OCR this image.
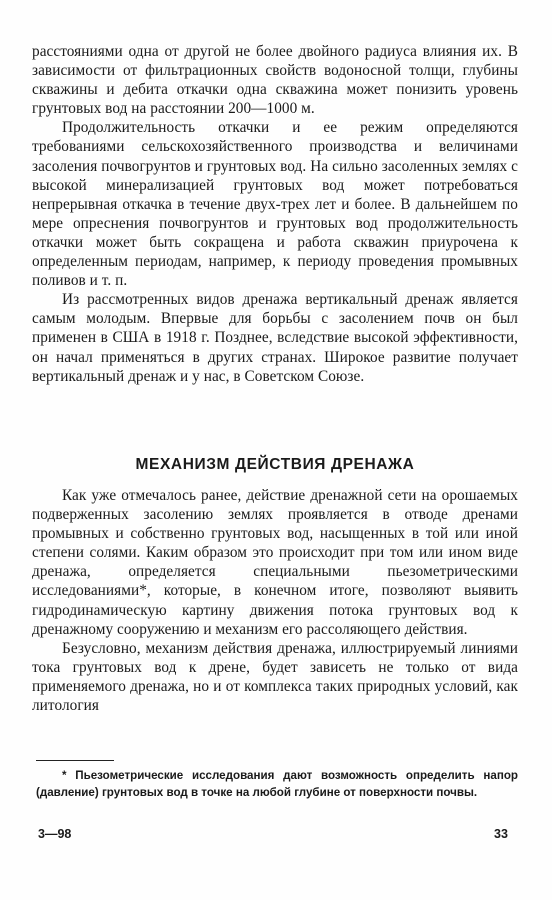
расстояниями одна от другой не более двойного радиуса влияния их. В зависимости от фильтрационных свойств водоносной толщи, глубины скважины и дебита откачки одна скважина может понизить уровень грунтовых вод на расстоянии 200—1000 м.

Продолжительность откачки и ее режим определяются требованиями сельскохозяйственного производства и величинами засоления почвогрунтов и грунтовых вод. На сильно засоленных землях с высокой минерализацией грунтовых вод может потребоваться непрерывная откачка в течение двух-трех лет и более. В дальнейшем по мере опреснения почвогрунтов и грунтовых вод продолжительность откачки может быть сокращена и работа скважин приурочена к определенным периодам, например, к периоду проведения промывных поливов и т. п.

Из рассмотренных видов дренажа вертикальный дренаж является самым молодым. Впервые для борьбы с засолением почв он был применен в США в 1918 г. Позднее, вследствие высокой эффективности, он начал применяться в других странах. Широкое развитие получает вертикальный дренаж и у нас, в Советском Союзе.

МЕХАНИЗМ ДЕЙСТВИЯ ДРЕНАЖА

Как уже отмечалось ранее, действие дренажной сети на орошаемых подверженных засолению землях проявляется в отводе дренами промывных и собственно грунтовых вод, насыщенных в той или иной степени солями. Каким образом это происходит при том или ином виде дренажа, определяется специальными пьезометрическими исследованиями*, которые, в конечном итоге, позволяют выявить гидродинамическую картину движения потока грунтовых вод к дренажному сооружению и механизм его рассоляющего действия.

Безусловно, механизм действия дренажа, иллюстрируемый линиями тока грунтовых вод к дрене, будет зависеть не только от вида применяемого дренажа, но и от комплекса таких природных условий, как литология

* Пьезометрические исследования дают возможность определить напор (давление) грунтовых вод в точке на любой глубине от поверхности почвы.

3—98	33
